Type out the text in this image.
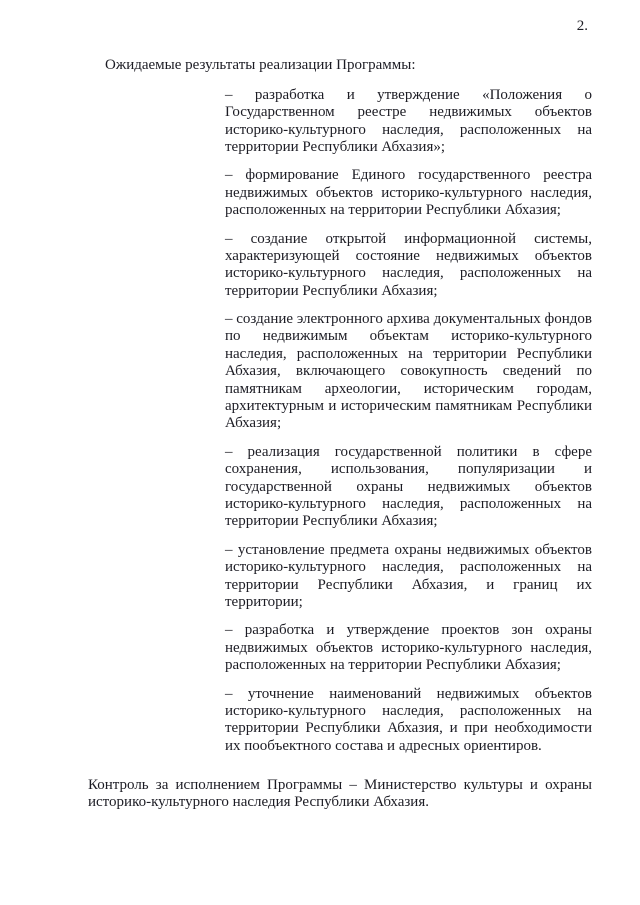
2.

Ожидаемые результаты реализации Программы:

– разработка и утверждение «Положения о Государственном реестре недвижимых объектов историко-культурного наследия, расположенных на территории Республики Абхазия»;

– формирование Единого государственного реестра недвижимых объектов историко-культурного наследия, расположенных на территории Республики Абхазия;

– создание открытой информационной системы, характеризующей состояние недвижимых объектов историко-культурного наследия, расположенных на территории Республики Абхазия;

– создание электронного архива документальных фондов по недвижимым объектам историко-культурного наследия, расположенных на территории Республики Абхазия, включающего совокупность сведений по памятникам археологии, историческим городам, архитектурным и историческим памятникам Республики Абхазия;

– реализация государственной политики в сфере сохранения, использования, популяризации и государственной охраны недвижимых объектов историко-культурного наследия, расположенных на территории Республики Абхазия;

– установление предмета охраны недвижимых объектов историко-культурного наследия, расположенных на территории Республики Абхазия, и границ их территории;

– разработка и утверждение проектов зон охраны недвижимых объектов историко-культурного наследия, расположенных на территории Республики Абхазия;

– уточнение наименований недвижимых объектов историко-культурного наследия, расположенных на территории Республики Абхазия, и при необходимости их пообъектного состава и адресных ориентиров.

Контроль за исполнением Программы – Министерство культуры и охраны историко-культурного наследия Республики Абхазия.
